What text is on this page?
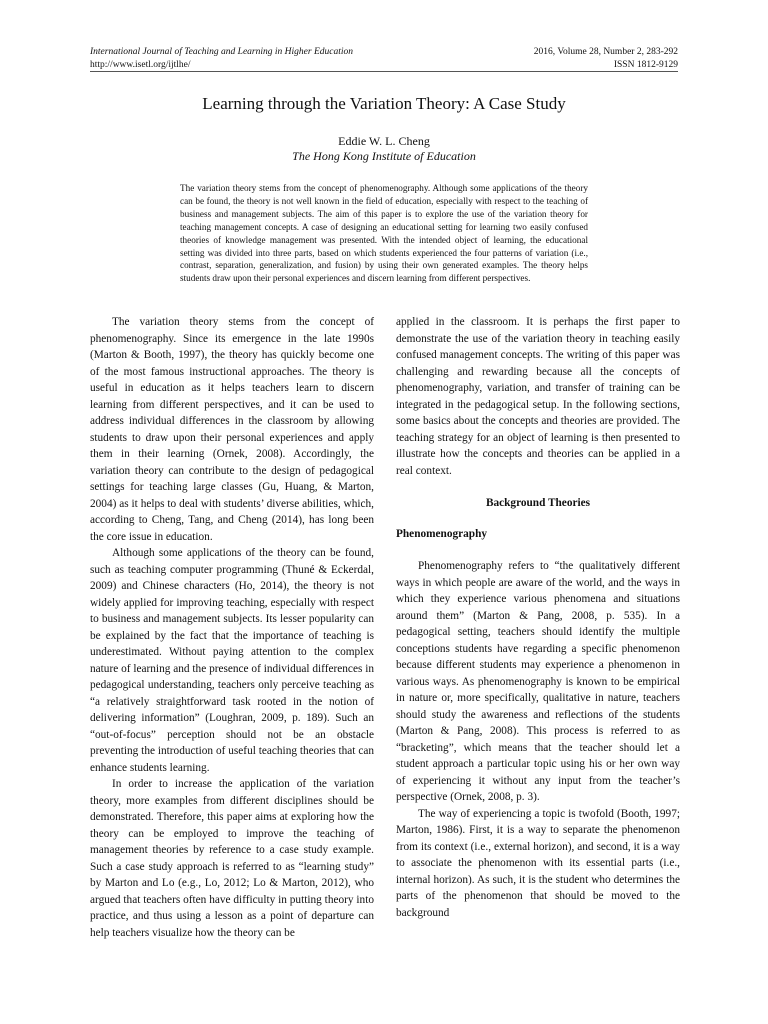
International Journal of Teaching and Learning in Higher Education
http://www.isetl.org/ijtlhe/
2016, Volume 28, Number 2, 283-292
ISSN 1812-9129
Learning through the Variation Theory: A Case Study
Eddie W. L. Cheng
The Hong Kong Institute of Education
The variation theory stems from the concept of phenomenography. Although some applications of the theory can be found, the theory is not well known in the field of education, especially with respect to the teaching of business and management subjects. The aim of this paper is to explore the use of the variation theory for teaching management concepts. A case of designing an educational setting for learning two easily confused theories of knowledge management was presented. With the intended object of learning, the educational setting was divided into three parts, based on which students experienced the four patterns of variation (i.e., contrast, separation, generalization, and fusion) by using their own generated examples. The theory helps students draw upon their personal experiences and discern learning from different perspectives.

The variation theory stems from the concept of phenomenography. Since its emergence in the late 1990s (Marton & Booth, 1997), the theory has quickly become one of the most famous instructional approaches. The theory is useful in education as it helps teachers learn to discern learning from different perspectives, and it can be used to address individual differences in the classroom by allowing students to draw upon their personal experiences and apply them in their learning (Ornek, 2008). Accordingly, the variation theory can contribute to the design of pedagogical settings for teaching large classes (Gu, Huang, & Marton, 2004) as it helps to deal with students’ diverse abilities, which, according to Cheng, Tang, and Cheng (2014), has long been the core issue in education.

Although some applications of the theory can be found, such as teaching computer programming (Thuné & Eckerdal, 2009) and Chinese characters (Ho, 2014), the theory is not widely applied for improving teaching, especially with respect to business and management subjects. Its lesser popularity can be explained by the fact that the importance of teaching is underestimated. Without paying attention to the complex nature of learning and the presence of individual differences in pedagogical understanding, teachers only perceive teaching as “a relatively straightforward task rooted in the notion of delivering information” (Loughran, 2009, p. 189). Such an “out-of-focus” perception should not be an obstacle preventing the introduction of useful teaching theories that can enhance students learning.

In order to increase the application of the variation theory, more examples from different disciplines should be demonstrated. Therefore, this paper aims at exploring how the theory can be employed to improve the teaching of management theories by reference to a case study example. Such a case study approach is referred to as “learning study” by Marton and Lo (e.g., Lo, 2012; Lo & Marton, 2012), who argued that teachers often have difficulty in putting theory into practice, and thus using a lesson as a point of departure can help teachers visualize how the theory can be

applied in the classroom. It is perhaps the first paper to demonstrate the use of the variation theory in teaching easily confused management concepts. The writing of this paper was challenging and rewarding because all the concepts of phenomenography, variation, and transfer of training can be integrated in the pedagogical setup. In the following sections, some basics about the concepts and theories are provided. The teaching strategy for an object of learning is then presented to illustrate how the concepts and theories can be applied in a real context.

Background Theories

Phenomenography

Phenomenography refers to “the qualitatively different ways in which people are aware of the world, and the ways in which they experience various phenomena and situations around them” (Marton & Pang, 2008, p. 535). In a pedagogical setting, teachers should identify the multiple conceptions students have regarding a specific phenomenon because different students may experience a phenomenon in various ways. As phenomenography is known to be empirical in nature or, more specifically, qualitative in nature, teachers should study the awareness and reflections of the students (Marton & Pang, 2008). This process is referred to as “bracketing”, which means that the teacher should let a student approach a particular topic using his or her own way of experiencing it without any input from the teacher’s perspective (Ornek, 2008, p. 3).

The way of experiencing a topic is twofold (Booth, 1997; Marton, 1986). First, it is a way to separate the phenomenon from its context (i.e., external horizon), and second, it is a way to associate the phenomenon with its essential parts (i.e., internal horizon). As such, it is the student who determines the parts of the phenomenon that should be moved to the background
